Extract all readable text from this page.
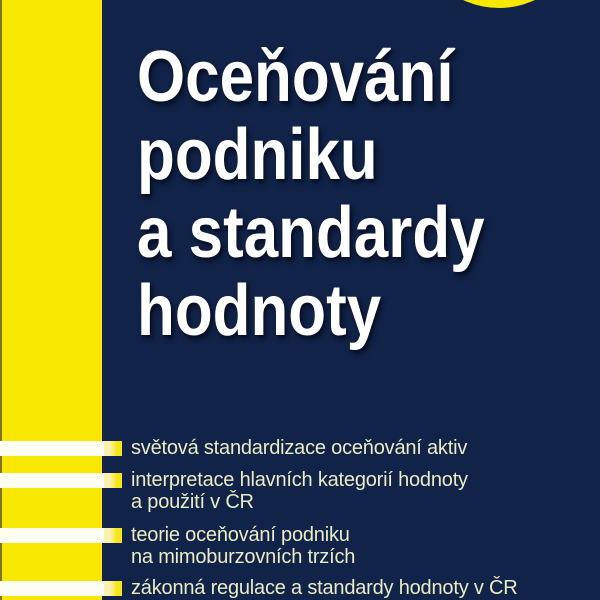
Oceňování
podniku
a standardy
hodnoty
světová standardizace oceňování aktiv
interpretace hlavních kategorií hodnoty
a použití v ČR
teorie oceňování podniku
na mimoburzovních trzích
zákonná regulace a standardy hodnoty v ČR
